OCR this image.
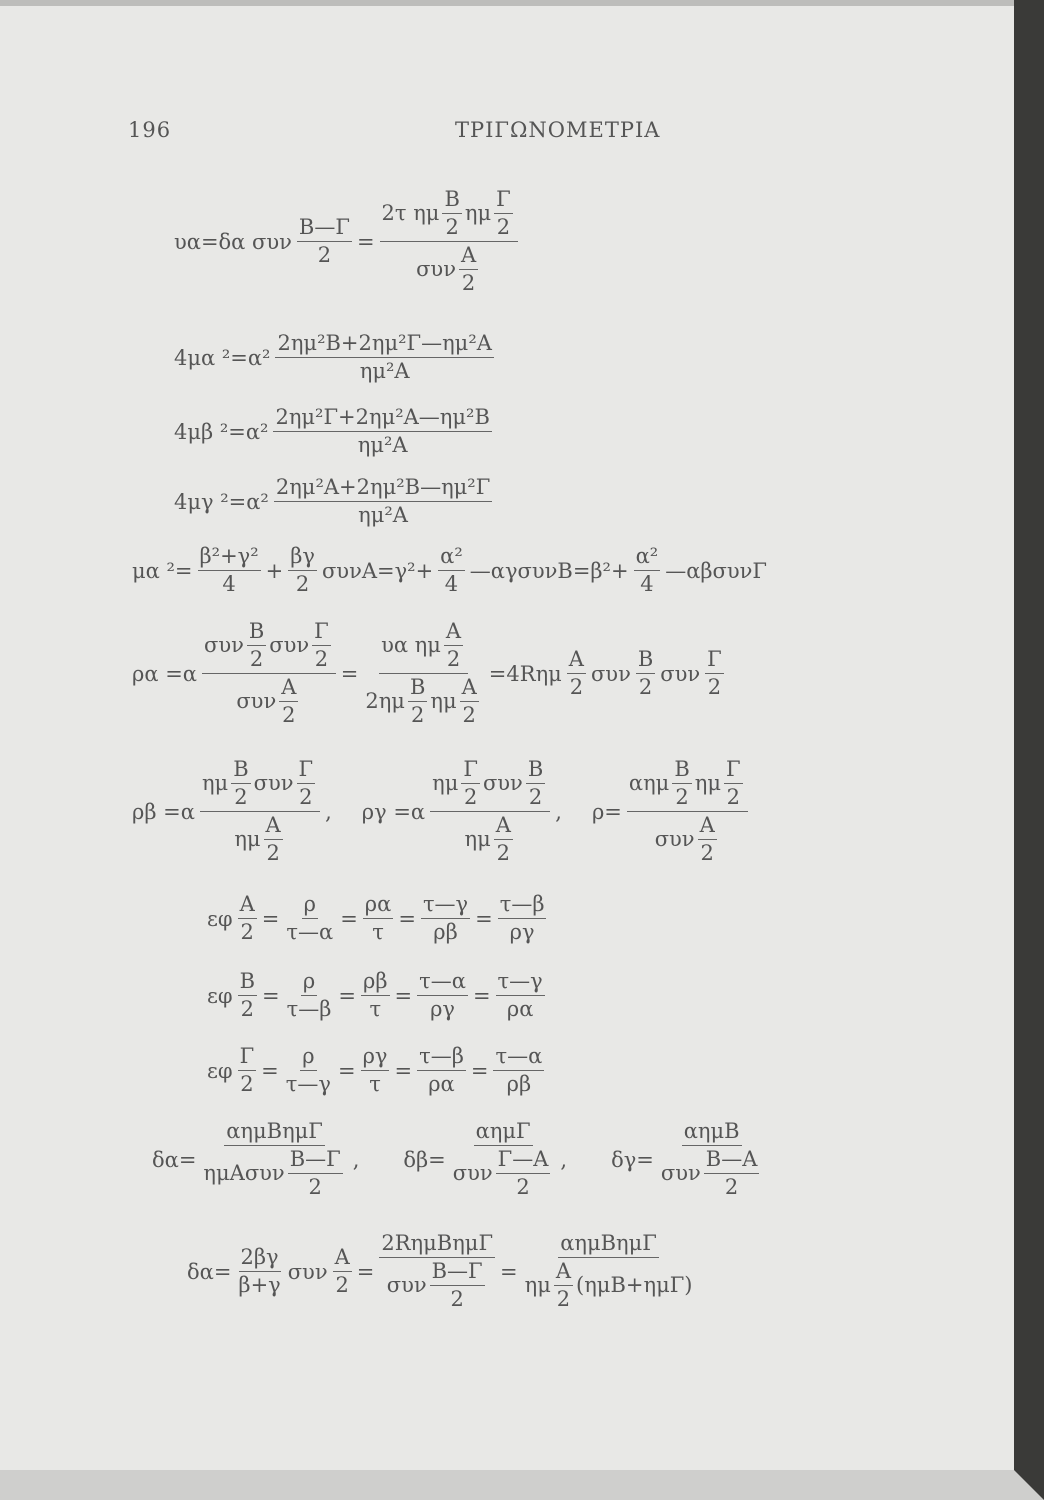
196	ΤΡΙΓΩΝΟΜΕΤΡΙΑ
υα=δα συν $\frac{B—\Gamma}{2} = \frac{2\tau \eta\mu \frac{B}{2} \eta\mu \frac{\Gamma}{2}}{\sigma\upsilon\nu \frac{A}{2}}$
4μα $^2=\alpha^2 \frac{\text{2ημ²B+2ημ²Γ—ημ²A}}{\text{ημ²A}}$
4μβ $^2=\alpha^2 \frac{\text{2ημ²Γ+2ημ²A—ημ²B}}{\text{ημ²A}}$
4μγ $^2=\alpha^2 \frac{\text{2ημ²A+2ημ²B—ημ²Γ}}{\text{ημ²A}}$
μα $^2= \frac{\text{β²+γ²}}{4} + \frac{\beta\gamma}{2} \sigma\upsilon\nu A=\gamma^2+ \frac{\text{α²}}{4}$ —αγσυνB=β²+ $\frac{\text{α²}}{4}$ —αβσυνΓ
$\rho\alpha =\alpha \frac{\sigma\upsilon\nu \frac{B}{2} \sigma\upsilon\nu \frac{\Gamma}{2}}{\sigma\upsilon\nu \frac{A}{2}} = \frac{\upsilon\alpha \eta\mu \frac{A}{2}}{2\eta\mu \frac{B}{2} \eta\mu \frac{A}{2}} =4R\eta\mu \frac{A}{2}$ συν $\frac{B}{2}$ συν $\frac{\Gamma}{2}$
$\rho\beta =\alpha \frac{\eta\mu \frac{B}{2} \sigma\upsilon\nu \frac{\Gamma}{2}}{\eta\mu \frac{A}{2}}$ , $\rho\gamma =\alpha \frac{\eta\mu \frac{\Gamma}{2} \sigma\upsilon\nu \frac{B}{2}}{\eta\mu \frac{A}{2}}$ , $\rho= \frac{\alpha\eta\mu \frac{B}{2} \eta\mu \frac{\Gamma}{2}}{\sigma\upsilon\nu \frac{A}{2}}$
εφ $\frac{A}{2} = \frac{\rho}{\tau—\alpha} = \frac{\rho\alpha}{\tau} = \frac{\tau—\gamma}{\rho\beta} = \frac{\tau—\beta}{\rho\gamma}$
εφ $\frac{B}{2} = \frac{\rho}{\tau—\beta} = \frac{\rho\beta}{\tau} = \frac{\tau—\alpha}{\rho\gamma} = \frac{\tau—\gamma}{\rho\alpha}$
εφ $\frac{\Gamma}{2} = \frac{\rho}{\tau—\gamma} = \frac{\rho\gamma}{\tau} = \frac{\tau—\beta}{\rho\alpha} = \frac{\tau—\alpha}{\rho\beta}$
$\delta\alpha= \frac{\text{αημBημΓ}}{\eta\mu A\sigma\upsilon\nu \frac{B—\Gamma}{2}}$ , $\delta\beta= \frac{\text{αημΓ}}{\sigma\upsilon\nu \frac{\Gamma—A}{2}}$ , $\delta\gamma= \frac{\text{αημB}}{\sigma\upsilon\nu \frac{B—A}{2}}$
$\delta\alpha= \frac{2\beta\gamma}{\beta+\gamma}$ συν $\frac{A}{2} = \frac{\text{2RημBημΓ}}{\sigma\upsilon\nu \frac{B—\Gamma}{2}} = \frac{\text{αημBημΓ}}{\eta\mu \frac{A}{2} (\eta\mu B+\eta\mu\Gamma)}$
